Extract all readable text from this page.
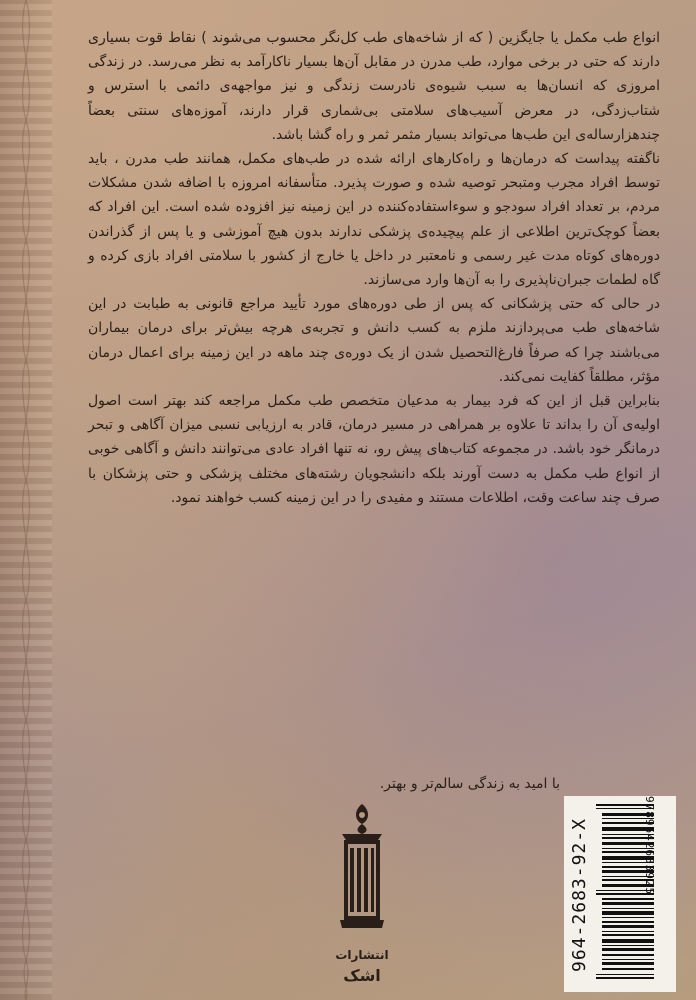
انواع طب مکمل یا جایگزین ( که از شاخه‌های طب کل‌نگر محسوب می‌شوند ) نقاط قوت بسیاری دارند که حتی در برخی موارد، طب مدرن در مقابل آن‌ها بسیار ناکارآمد به نظر می‌رسد. در زندگی امروزی که انسان‌ها به سبب شیوه‌ی نادرست زندگی و نیز مواجهه‌ی دائمی با استرس و شتاب‌زدگی، در معرض آسیب‌های سلامتی بی‌شماری قرار دارند، آموزه‌های سنتی بعضاً چندهزارساله‌ی این طب‌ها می‌تواند بسیار مثمر ثمر و راه گشا باشد.

ناگفته پیداست که درمان‌ها و راه‌کارهای ارائه شده در طب‌های مکمل، همانند طب مدرن ، باید توسط افراد مجرب ومتبحر توصیه شده و صورت پذیرد. متأسفانه امروزه با اضافه شدن مشکلات مردم، بر تعداد افراد سودجو و سوءاستفاده‌کننده در این زمینه نیز افزوده شده است. این افراد که بعضاً کوچک‌ترین اطلاعی از علم پیچیده‌ی پزشکی ندارند بدون هیچ آموزشی و یا پس از گذراندن دوره‌های کوتاه مدت غیر رسمی و نامعتبر در داخل یا خارج از کشور با سلامتی افراد بازی کرده و گاه لطمات جبران‌ناپذیری را به آن‌ها وارد می‌سازند.

در حالی که حتی پزشکانی که پس از طی دوره‌های مورد تأیید مراجع قانونی به طبابت در این شاخه‌های طب می‌پردازند ملزم به کسب دانش و تجربه‌ی هرچه بیش‌تر برای درمان بیماران می‌باشند چرا که صرفاً فارغ‌التحصیل شدن از یک دوره‌ی چند ماهه در این زمینه برای اعمال درمان مؤثر، مطلقاً کفایت نمی‌کند.

بنابراین قبل از این که فرد بیمار به مدعیان متخصص طب مکمل مراجعه کند بهتر است اصول اولیه‌ی آن را بداند تا علاوه بر همراهی در مسیر درمان، قادر به ارزیابی نسبی میزان آگاهی و تبحر درمانگر خود باشد. در مجموعه کتاب‌های پیش رو، نه تنها افراد عادی می‌توانند دانش و آگاهی خوبی از انواع طب مکمل به دست آورند بلکه دانشجویان رشته‌های مختلف پزشکی و حتی پزشکان با صرف چند ساعت وقت، اطلاعات مستند و مفیدی را در این زمینه کسب خواهند نمود.

با امید به زندگی سالم‌تر و بهتر.
انتشارات
اشک
964-2683-92-X	9789642683925
